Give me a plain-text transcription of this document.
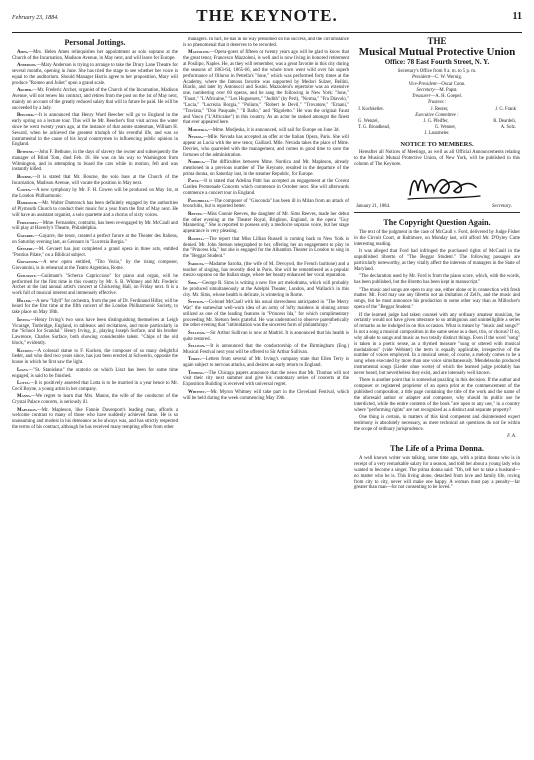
February 23, 1884.	THE KEYNOTE.	11
Personal Jottings.

Ames.—Mrs. Helen Ames relinquishes her appointment as solo soprano at the Church of the Incarnation, Madison Avenue, in May next, and will leave for Europe.

Anderson.—Mary Anderson is trying to arrange to take the Drury Lane Theatre for several months, opening in June. She has tried the stage to see whether her voice is equal to the auditorium. Should Manager Harris agree to her proposition, Mary will produce "Romeo and Juliet" upon a grand scale.

Archer.—Mr. Frederic Archer, organist of the Church of the Incarnation, Madison Avenue, will not renew his contract, and retires from the post on the 1st of May next, mainly on account of the greatly reduced salary that will in future be paid. He will be succeeded by a lady.

Beecher.—It is announced that Henry Ward Beecher will go to England in the early spring on a lecture tour. This will be Mr. Beecher's first visit across the water since he went twenty years ago, at the instance of that astute statesman, William H. Seward, when he achieved the greatest triumph of his eventful life, and was so instrumental in the cause of his loyal countrymen in influencing public opinion in England.

Bethune.—John F. Bethune, in the days of slavery the owner and subsequently the manager of Blind Tom, died Feb. 18. He was on his way to Washington from Wilmington, and in attempting to board the cars while in motion, fell and was instantly killed.

Bourne.—It is stated that Mr. Bourne, the solo bass at the Church of the Incarnation, Madison Avenue, will vacate the position in May next.

Cowen.—A new symphony by Mr. F. H. Cowen will be produced on May 1st, at the London Philharmonic.

Damrosch.—Mr. Walter Damrosch has been definitely engaged by the authorities of Plymouth Church to conduct their music for a year from the first of May next. He will have an assistant organist, a solo quartette and a chorus of sixty voices.

Fernandez.—Mme. Fernandez, contralto, has been re-engaged by Mr. McCaull and will play at Haverly's Theatre, Philadelphia.

Gayarre.—Gayarre, the tenor, created a perfect furore at the Theater des Italiens, on Saturday evening last, as Gennaro in "Lucrezia Borgia."

Gevaert.—M. Gevaert has just completed a grand opera in three acts, entitled "Pontius Pilate," on a Biblical subject.

Giovannini.—A new opera entitled, "Tito Vezio," by the rising composer, Giovannini, is in rehearsal at the Teatro Argentina, Rome.

Guilmant.—Guilmant's "Scherzo Capriccioso" for piano and organ, will be performed for the first time in this country by Mr. S. B. Whitney and Mr. Frederic Archer at the last annual artist's concert at Chickering Hall, on Friday next. It is a work full of musical interest and immensely effective.

Hiller.—A new "Idyll" for orchestra, from the pen of Dr. Ferdinand Hiller, will be heard for the first time at the fifth concert of the London Philharmonic Society, to take place on May 18th.

Irving.—Henry Irving's two sons have been distinguishing themselves at Leigh Vicarage, Tonbridge, England, in tableaux and recitations, and more particularly in the "School for Scandal." Henry Irving, jr., playing Joseph Surface, and his brother Lawrence, Charles Surface, both showing considerable talent. "Chips of the old block," evidently.

Kucken.—A colossal statue to F. Kucken, the composer of so many delightful lieder, and who died two years since, has just been erected at Schwerin, opposite the house in which he first saw the light.

Liszt.—"St. Stanislaus" the oratorio on which Liszt has been for some time engaged, is said to be finished.

Lotta.—It is positively asserted that Lotta is to be married in a year hence to Mr. Cecil Boyne, a young artist in her company.

Manns.—We regret to learn that Mrs. Manns, the wife of the conductor of the Crystal Palace concerts, is seriously ill.

Mapleson.—Mr. Mapleson, like Fannie Davenport's leading man, affords a welcome contrast to many of those who have suddenly achieved fame. He is so unassuming and modest in his demeanor as he always was, and has strictly respected the terms of his contract, although he has received many tempting offers from other

managers. In fact, he has in no way presumed on his success, and the circumstance is so phenomenal that it deserves to be recorded.

Mazzoleni.—Opera-goers of fifteen or twenty years ago will be glad to know that the great tenor, Francesco Mazzoleni, is well and is now living in honored retirement at Posilipo, Naples. He, as they will remember, was a great favorite in this city during the seasons of 1863-64, 1865-66, and the whole town went wild over his superb performance of Ollurso in Petrella's "Ione," which was performed forty times at the Academy, where the famous favorite was supported by Medori Sulzer, Bellini, Biachi, and later by Antonucci and Susini. Mazzoleni's repertoire was an extensive one, numbering over 60 operas, and he sang the following in New York: "Ione," "Faust," "L'Africaine," "Les Huguenots," "Judith" (by Peri), "Norma," "Fra Diavolo," "Lucia," "Lucrezia Borgia," "Poliuto," "Robert le Devil," "Trovatore," "Ernani," "Traviata," "Don Pasquale," "Il Ballo," and "Rigoletto." He was the original Faust and Vasco ("L'Africaine") in this country. As an actor he ranked amongst the finest that ever appeared here.

Modjeska.—Mme. Modjeska, it is announced, will sail for Europe on June 3d.

Nevada.—Mlle. Nevada has accepted an offer at the Italian Opera, Paris. She will appear as Lucia with the new tenor, Gaillard. Mlle. Nevada takes the place of Mme. Devries, who quarreled with the management, and comes in good time to save the fortunes of the administration.

Nordica.—The difficulties between Mme. Nordica and Mr. Mapleson, already mentioned in a previous number of The Keynote, resulted in the departure of the prima donna, on Saturday last, in the steamer Republic, for Europe.

Patti.—It is stated that Adelina Patti has accepted an engagement at the Covent Garden Promenade Concerts which commence in October next. She will afterwards commence a concert tour in England.

Ponchielli.—The composer of "Gioconda" has been ill in Milan from an attack of bronchitis, but is reported better.

Reeves.—Miss Connie Reeves, the daughter of Mr. Sims Reeves, made her debut the other evening at the Theater Royal, Brighton, England, in the opera "Guy Mannering." She is reported to possess only a mediocre soprano voice, but her stage appearance is very pleasing.

Russell.—The report that Miss Lillian Russell is coming back to New York is denied. Mr. John Stetson telegraphed to her, offering her an engagement to play in the "Princess Ida," but she is engaged for the Alhambra Theater in London to sing in the "Beggar Student."

Sarolta.—Madame Sarolta, (the wife of M. Devoyod, the French baritone) and a teacher of singing, has recently died in Paris. She will be remembered as a popular mezzo soprano on the Italian stage, where her beauty enhanced her vocal reputation.

Sims.—George R. Sims is writing a new five act melodrama, which will probably be produced simultaneously at the Adelphi Theater, London, and Wallack's in this city. Mr. Sims, whose health is delicate, is wintering in Rome.

Stetson.—Colonel McCaull with his usual shrewdness anticipated in "The Merry War" the somewhat well-worn idea of an army of lofty maidens in shining armor utilized as one of the leading features in "Princess Ida," for which complimentary proceeding Mr. Stetson feels grateful. He was understood to observe parenthetically the other evening that "intimidation was the sincerest form of philanthropy."

Sullivan.—Sir Arthur Sullivan is now at Madrid. It is announced that his health is quite restored.

Sullivan.—It is announced that the conductorship of the Birmingham (Eng.) Musical Festival next year will be offered to Sir Arthur Sullivan.

Terry.—Letters from several of Mr. Irving's company state that Ellen Terry is again subject to nervous attacks, and desires an early return to England.

Thomas.—The Chicago papers announce that the news that Mr. Thomas will not visit their city next summer and give his customary series of concerts at the Exposition Building is received with universal regret.

Whitney.—Mr. Myron Whitney will take part in the Cleveland Festival, which will be held during the week commencing May 19th.

THE
Musical Mutual Protective Union
Office: 78 East Fourth Street, N. Y.
Secretary's Office from 9 a. m. to 5 p. m.
President—C. W. Wernig.
Vice-President—Oscar Conn.
Secretary—M. Papst.
Treasurer—A. H. Goepel.
Trustees :
J. Kochkeller.	J. Reuter,	J. G. Frank
Executive Committee :
G. Wenzel,	J. G. Pfeiffer,	R. Deardeli,
T. G. Broadhead,	G. Wenner,	A. Solz.
J. Lauzmeier.
NOTICE TO MEMBERS.

Hereafter all Notices of Meetings, as well as all Official Announcements relating to the Musical Mutual Protective Union, of New York, will be published in this column of The Keynote.

January 21, 1884.	Secretary.
The Copyright Question Again.

The text of the judgment in the case of McCaull v. Ford, delivered by Judge Fisher in the Circuit Court, at Baltimore, on Monday last, will afford Mr. D'Oyley Carte interesting reading.

It was alleged that Ford had infringed the purchased rights of McCaull in the unpublished libretto of "The Beggar Student." The following passages are particularly noteworthy, as they vitally affect the interests of managers in the State of Maryland.

"The declaration used by Mr. Ford is from the piano score, which, with the words, has been published, but the libretto has been kept in manuscript."

"The music and songs are open to any use, either alone or in connection with fresh matter. Mr. Ford may use any libretto not an imitation of Zell's, and the music and songs, but he must announce his production in some other way than as Millocker's opera of the "Beggar Student."

If the learned judge had taken counsel with any ordinary amateur musician, he certainly would not have given utterance to so ambiguous and unintelligible a series of remarks as he indulged in on this occasion. What is meant by "music and songs?" Is not a song a musical composition in the same sense as a duet, trio, or chorus? If so, why allude to songs and music as two totally distinct things. Even if the word "song" is taken in a poetic sense, as a rhymed measure "sung or uttered with musical modulations" (vide Webster) the term is equally applicable, irrespective of the number of voices employed. In a musical sense, of course, a melody comes to be a song when executed by more than one voice simultaneously. Mendelssohn produced instrumental songs (Lieder ohne worte) of which the learned judge probably has never heard, but nevertheless they exist, and are intensely well known.

There is another point that is somewhat puzzling in this decision. If the author and composer or registered proprietor of an opera print at the commencement of the published composition, a title page containing the title of the work and the name of the aforesaid author or adapter and composer, why should its public use be interdicted, while the entire contents of the book "are open to any use," in a country where "performing rights" are not recognized as a distinct and separate property?

One thing is certain, in matters of this kind competent and disinterested expert testimony is absolutely necessary, as mere technical art questions do not lie within the scope of ordinary jurisprudence.

F. A.
The Life of a Prima Donna.

A well known writer was talking, some time ago, with a prima donna who is in receipt of a very remarkable salary for a season, and told her about a young lady who wanted to become a singer. The prima donna said: "Oh, tell her to take a husband—no matter who he is. This living alone, detached from love and family life, roving from city to city, never will make one happy. A woman must pay a penalty—far greater than man—for not consenting to be loved."
